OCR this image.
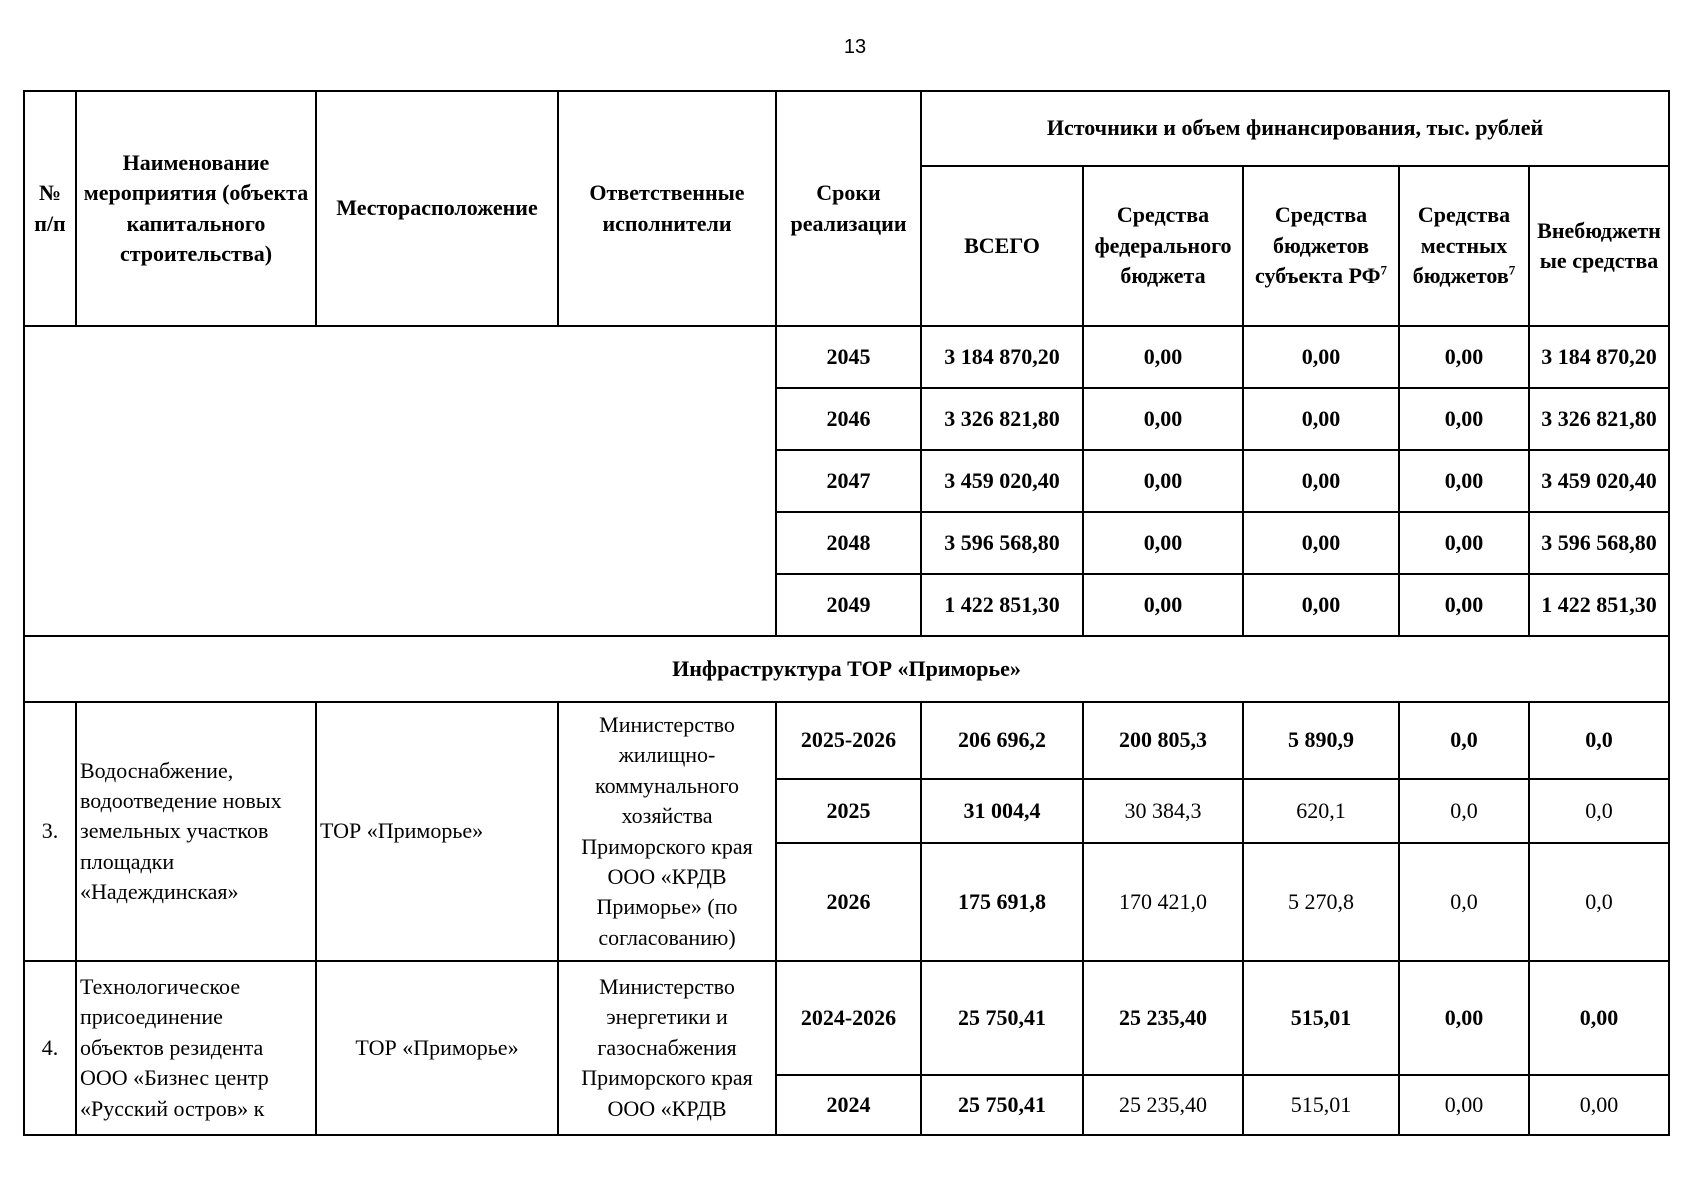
13
№ п/п	Наименование мероприятия (объекта капитального строительства)	Месторасположение	Ответственные исполнители	Сроки реализации	Источники и объем финансирования, тыс. рублей				
					ВСЕГО	Средства федерального бюджета	Средства бюджетов субъекта $РФ^7$	Средства местных бюджетов$^7$	Внебюджетные средства
				2045	3 184 870,20	0,00	0,00	0,00	3 184 870,20
				2046	3 326 821,80	0,00	0,00	0,00	3 326 821,80
				2047	3 459 020,40	0,00	0,00	0,00	3 459 020,40
				2048	3 596 568,80	0,00	0,00	0,00	3 596 568,80
				2049	1 422 851,30	0,00	0,00	0,00	1 422 851,30
Инфраструктура ТОР «Приморье»									
3.	Водоснабжение, водоотведение новых земельных участков площадки «Надеждинская»	ТОР «Приморье»	Министерство жилищно-коммунального хозяйства Приморского края ООО «КРДВ Приморье» (по согласованию)	2025-2026	206 696,2	200 805,3	5 890,9	0,0	0,0
				2025	31 004,4	30 384,3	620,1	0,0	0,0
				2026	175 691,8	170 421,0	5 270,8	0,0	0,0
4.	Технологическое присоединение объектов резидента ООО «Бизнес центр «Русский остров» к	ТОР «Приморье»	Министерство энергетики и газоснабжения Приморского края ООО «КРДВ	2024-2026	25 750,41	25 235,40	515,01	0,00	0,00
				2024	25 750,41	25 235,40	515,01	0,00	0,00
